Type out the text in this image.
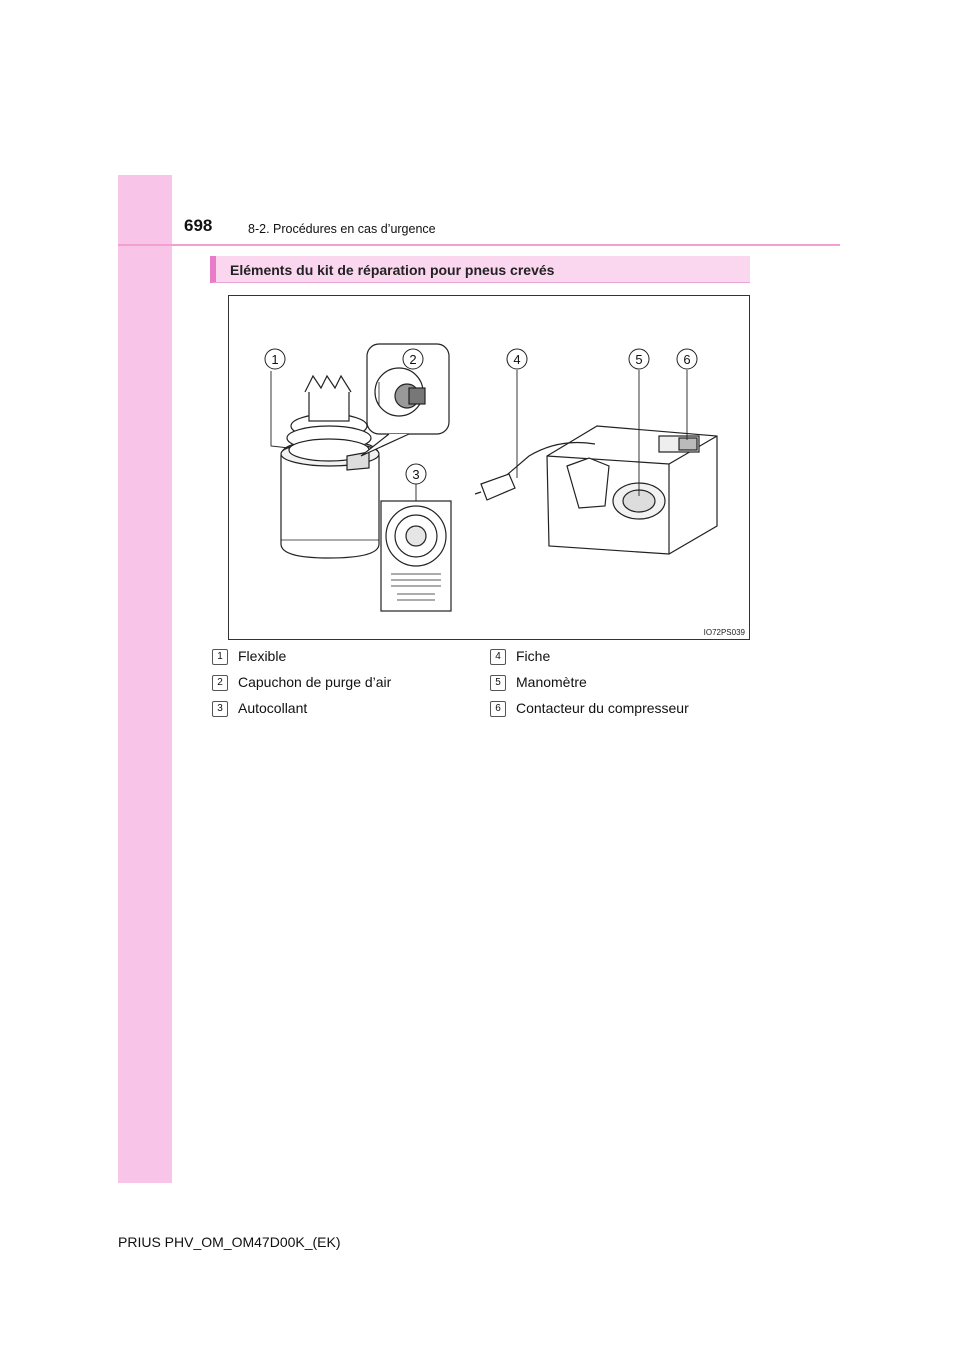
698	8-2. Procédures en cas d’urgence
Eléments du kit de réparation pour pneus crevés
1	2
3
4	5	6
IO72PS039
1 Flexible
2 Capuchon de purge d’air
3 Autocollant
4 Fiche
5 Manomètre
6 Contacteur du compresseur
PRIUS PHV_OM_OM47D00K_(EK)
